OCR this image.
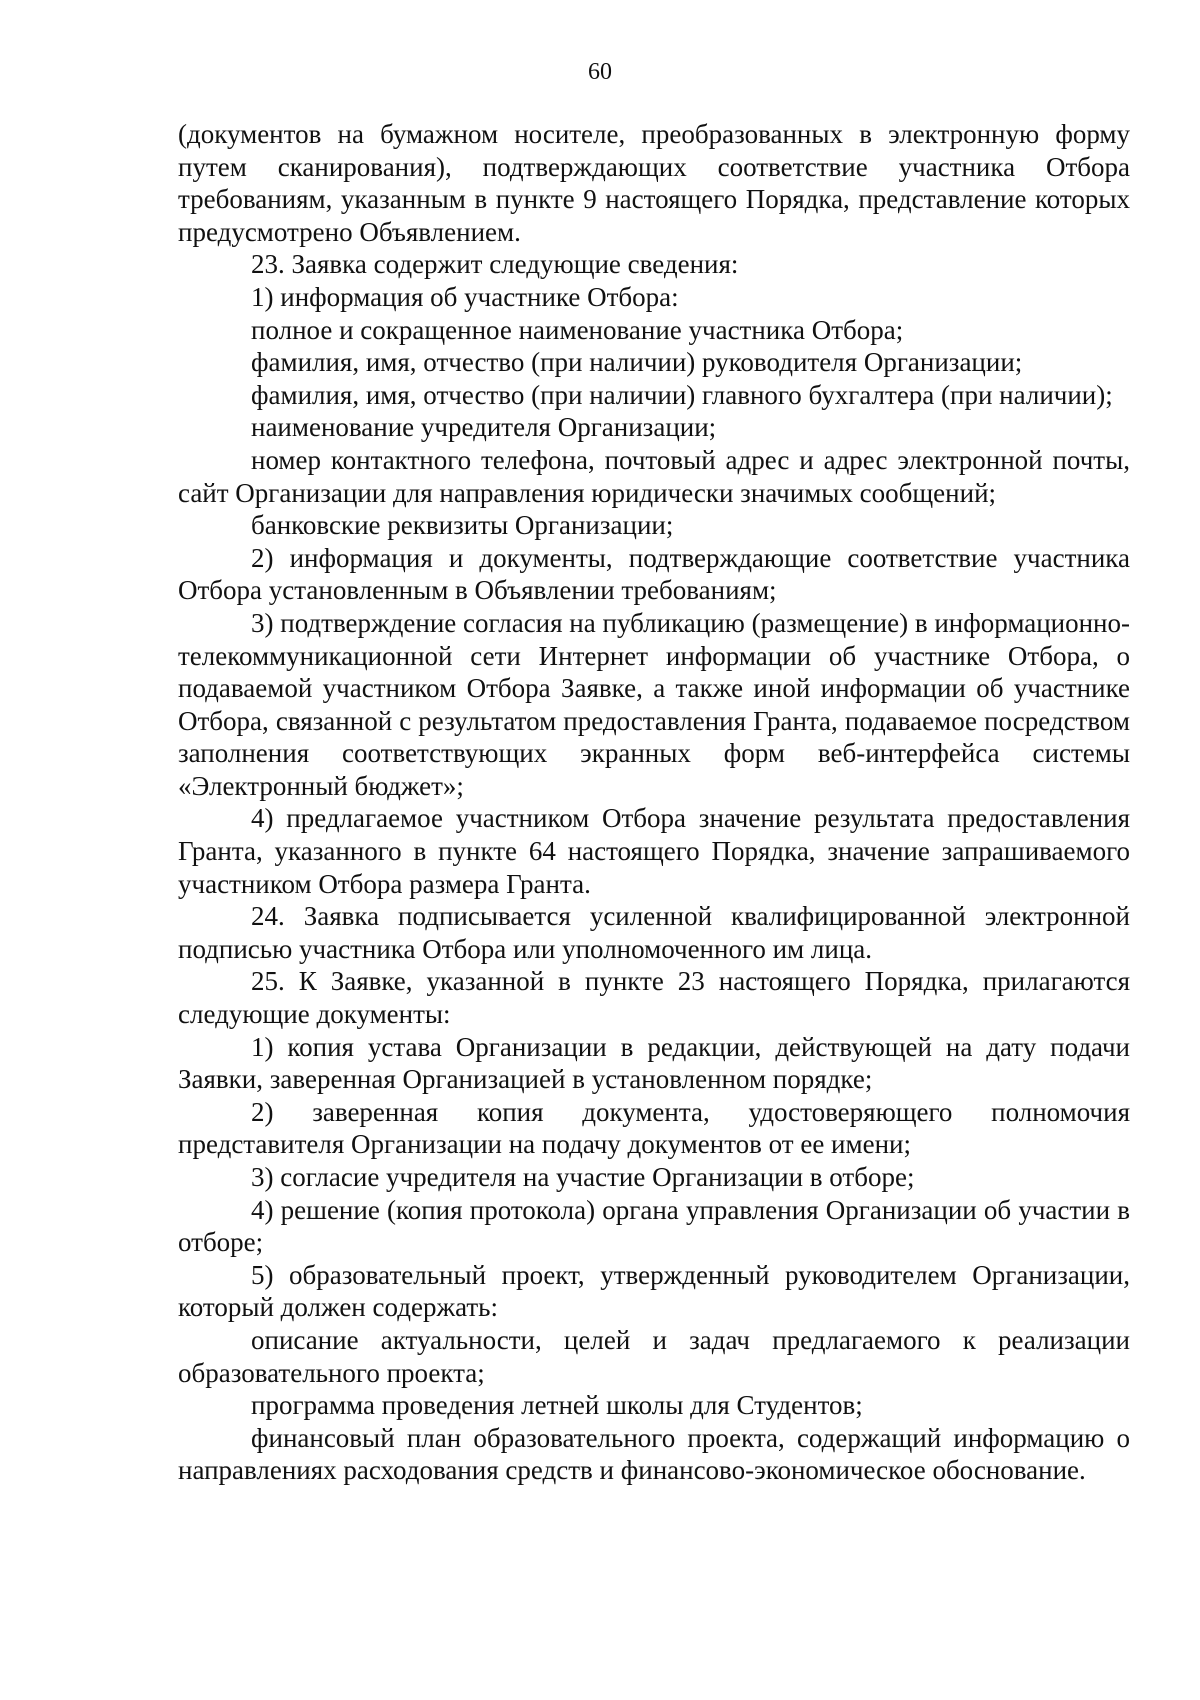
60

(документов на бумажном носителе, преобразованных в электронную форму путем сканирования), подтверждающих соответствие участника Отбора требованиям, указанным в пункте 9 настоящего Порядка, представление которых предусмотрено Объявлением.

23. Заявка содержит следующие сведения:

1) информация об участнике Отбора:

полное и сокращенное наименование участника Отбора;

фамилия, имя, отчество (при наличии) руководителя Организации;

фамилия, имя, отчество (при наличии) главного бухгалтера (при наличии);

наименование учредителя Организации;

номер контактного телефона, почтовый адрес и адрес электронной почты, сайт Организации для направления юридически значимых сообщений;

банковские реквизиты Организации;

2) информация и документы, подтверждающие соответствие участника Отбора установленным в Объявлении требованиям;

3) подтверждение согласия на публикацию (размещение) в информационно-телекоммуникационной сети Интернет информации об участнике Отбора, о подаваемой участником Отбора Заявке, а также иной информации об участнике Отбора, связанной с результатом предоставления Гранта, подаваемое посредством заполнения соответствующих экранных форм веб-интерфейса системы «Электронный бюджет»;

4) предлагаемое участником Отбора значение результата предоставления Гранта, указанного в пункте 64 настоящего Порядка, значение запрашиваемого участником Отбора размера Гранта.

24. Заявка подписывается усиленной квалифицированной электронной подписью участника Отбора или уполномоченного им лица.

25. К Заявке, указанной в пункте 23 настоящего Порядка, прилагаются следующие документы:

1) копия устава Организации в редакции, действующей на дату подачи Заявки, заверенная Организацией в установленном порядке;

2) заверенная копия документа, удостоверяющего полномочия представителя Организации на подачу документов от ее имени;

3) согласие учредителя на участие Организации в отборе;

4) решение (копия протокола) органа управления Организации об участии в отборе;

5) образовательный проект, утвержденный руководителем Организации, который должен содержать:

описание актуальности, целей и задач предлагаемого к реализации образовательного проекта;

программа проведения летней школы для Студентов;

финансовый план образовательного проекта, содержащий информацию о направлениях расходования средств и финансово-экономическое обоснование.
